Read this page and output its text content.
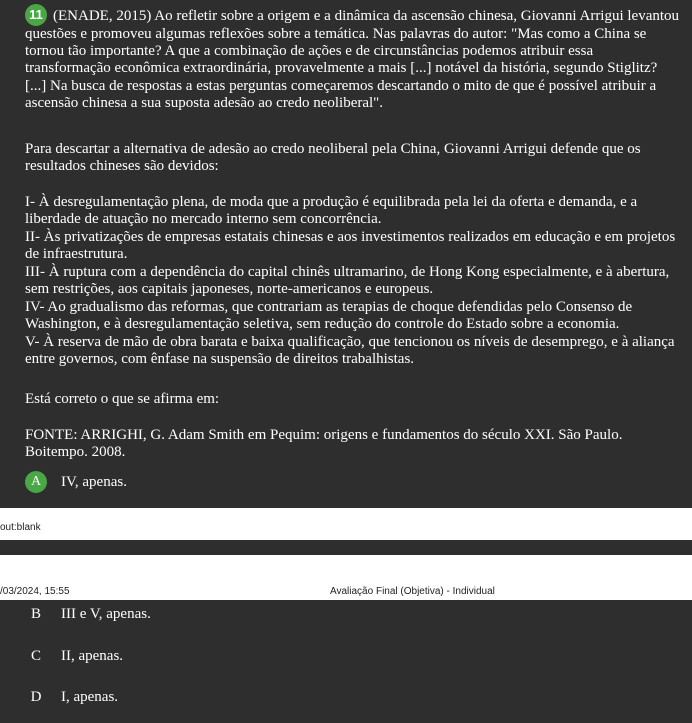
11 (ENADE, 2015) Ao refletir sobre a origem e a dinâmica da ascensão chinesa, Giovanni Arrigui levantou questões e promoveu algumas reflexões sobre a temática. Nas palavras do autor: "Mas como a China se tornou tão importante? A que a combinação de ações e de circunstâncias podemos atribuir essa transformação econômica extraordinária, provavelmente a mais [...] notável da história, segundo Stiglitz? [...] Na busca de respostas a estas perguntas começaremos descartando o mito de que é possível atribuir a ascensão chinesa a sua suposta adesão ao credo neoliberal".

Para descartar a alternativa de adesão ao credo neoliberal pela China, Giovanni Arrigui defende que os resultados chineses são devidos:

I- À desregulamentação plena, de moda que a produção é equilibrada pela lei da oferta e demanda, e a liberdade de atuação no mercado interno sem concorrência.

II- Às privatizações de empresas estatais chinesas e aos investimentos realizados em educação e em projetos de infraestrutura.

III- À ruptura com a dependência do capital chinês ultramarino, de Hong Kong especialmente, e à abertura, sem restrições, aos capitais japoneses, norte-americanos e europeus.

IV- Ao gradualismo das reformas, que contrariam as terapias de choque defendidas pelo Consenso de Washington, e à desregulamentação seletiva, sem redução do controle do Estado sobre a economia.

V- À reserva de mão de obra barata e baixa qualificação, que tencionou os níveis de desemprego, e à aliança entre governos, com ênfase na suspensão de direitos trabalhistas.

Está correto o que se afirma em:

FONTE: ARRIGHI, G. Adam Smith em Pequim: origens e fundamentos do século XXI. São Paulo. Boitempo. 2008.

A	IV, apenas.
out:blank
/03/2024, 15:55	Avaliação Final (Objetiva) - Individual
B	III e V, apenas.
C	II, apenas.
D	I, apenas.
